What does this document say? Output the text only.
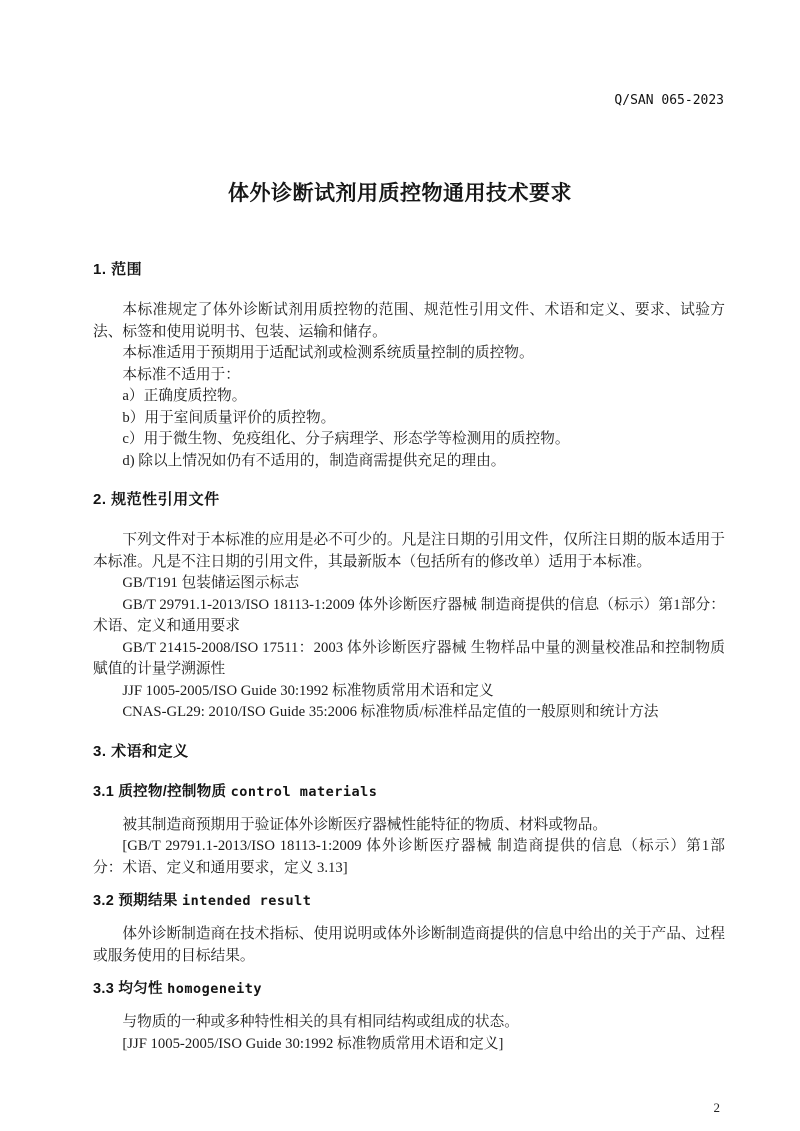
Q/SAN 065-2023
体外诊断试剂用质控物通用技术要求
1. 范围

本标准规定了体外诊断试剂用质控物的范围、规范性引用文件、术语和定义、要求、试验方法、标签和使用说明书、包装、运输和储存。

本标准适用于预期用于适配试剂或检测系统质量控制的质控物。

本标准不适用于：

a）正确度质控物。

b）用于室间质量评价的质控物。

c）用于微生物、免疫组化、分子病理学、形态学等检测用的质控物。

d) 除以上情况如仍有不适用的，制造商需提供充足的理由。

2. 规范性引用文件

下列文件对于本标准的应用是必不可少的。凡是注日期的引用文件，仅所注日期的版本适用于本标准。凡是不注日期的引用文件，其最新版本（包括所有的修改单）适用于本标准。

GB/T191 包装储运图示标志

GB/T 29791.1-2013/ISO 18113-1:2009 体外诊断医疗器械 制造商提供的信息（标示）第1部分：术语、定义和通用要求

GB/T 21415-2008/ISO 17511：2003 体外诊断医疗器械 生物样品中量的测量校准品和控制物质赋值的计量学溯源性

JJF 1005-2005/ISO Guide 30:1992 标准物质常用术语和定义

CNAS-GL29: 2010/ISO Guide 35:2006 标准物质/标准样品定值的一般原则和统计方法

3. 术语和定义
3.1 质控物/控制物质 control materials

被其制造商预期用于验证体外诊断医疗器械性能特征的物质、材料或物品。

[GB/T 29791.1-2013/ISO 18113-1:2009 体外诊断医疗器械 制造商提供的信息（标示）第1部分：术语、定义和通用要求，定义 3.13]

3.2 预期结果 intended result

体外诊断制造商在技术指标、使用说明或体外诊断制造商提供的信息中给出的关于产品、过程或服务使用的目标结果。

3.3 均匀性 homogeneity

与物质的一种或多种特性相关的具有相同结构或组成的状态。

[JJF 1005-2005/ISO Guide 30:1992 标准物质常用术语和定义]

2
